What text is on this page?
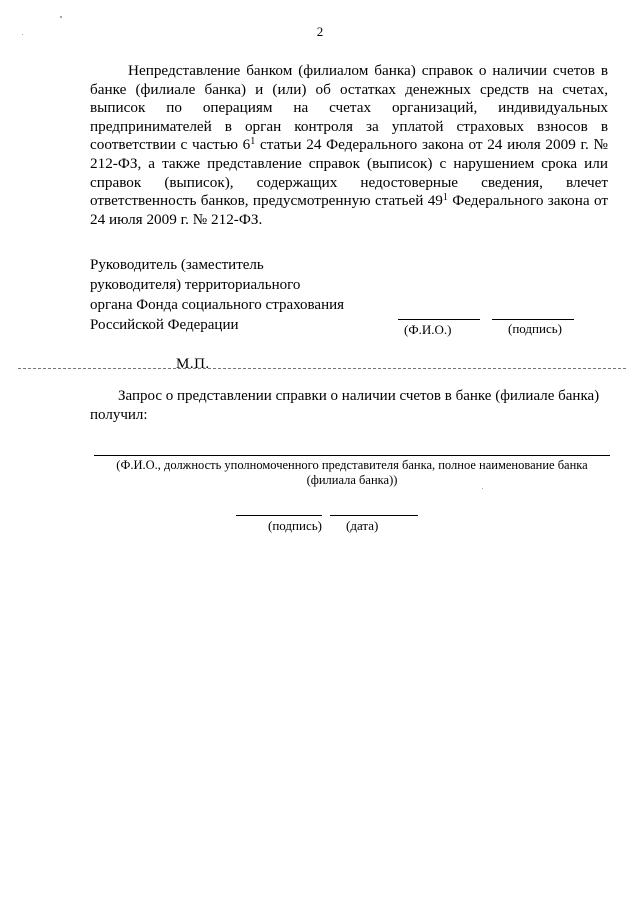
2
Непредставление банком (филиалом банка) справок о наличии счетов в банке (филиале банка) и (или) об остатках денежных средств на счетах, выписок по операциям на счетах организаций, индивидуальных предпринимателей в орган контроля за уплатой страховых взносов в соответствии с частью $6^1$ статьи 24 Федерального закона от 24 июля 2009 г. № 212-ФЗ, а также представление справок (выписок) с нарушением срока или справок (выписок), содержащих недостоверные сведения, влечет ответственность банков, предусмотренную статьей $49^1$ Федерального закона от 24 июля 2009 г. № 212-ФЗ.
Руководитель (заместитель
руководителя) территориального
органа Фонда социального страхования
Российской Федерации	(Ф.И.О.)	(подпись)
М.П.
Запрос о представлении справки о наличии счетов в банке (филиале банка) получил:
(Ф.И.О., должность уполномоченного представителя банка, полное наименование банка (филиала банка))
(подпись) (дата)
